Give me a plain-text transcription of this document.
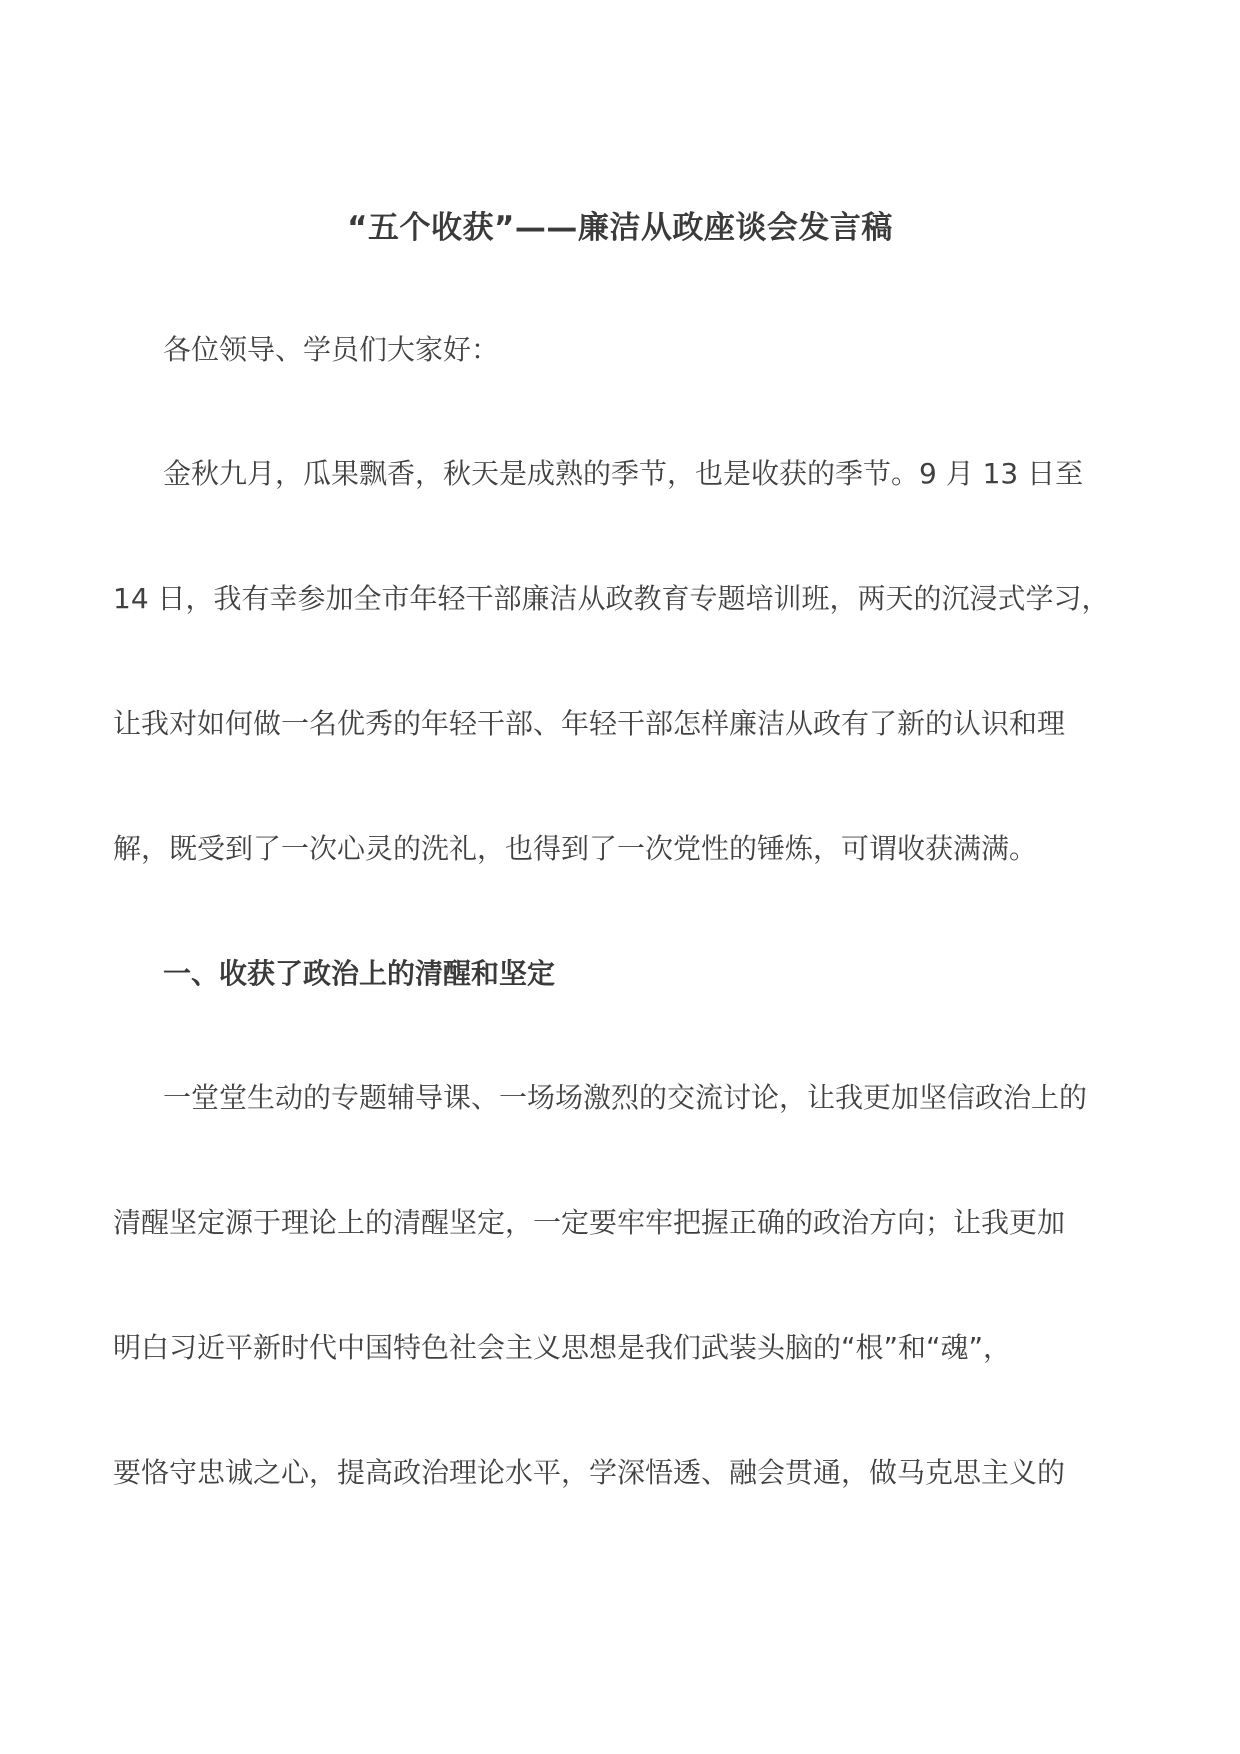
“五个收获”——廉洁从政座谈会发言稿
各位领导、学员们大家好：
金秋九月，瓜果飘香，秋天是成熟的季节，也是收获的季节。9 月 13 日至
14 日，我有幸参加全市年轻干部廉洁从政教育专题培训班，两天的沉浸式学习，
让我对如何做一名优秀的年轻干部、年轻干部怎样廉洁从政有了新的认识和理
解，既受到了一次心灵的洗礼，也得到了一次党性的锤炼，可谓收获满满。
一、收获了政治上的清醒和坚定
一堂堂生动的专题辅导课、一场场激烈的交流讨论，让我更加坚信政治上的
清醒坚定源于理论上的清醒坚定，一定要牢牢把握正确的政治方向；让我更加
明白习近平新时代中国特色社会主义思想是我们武装头脑的“根”和“魂”，
要恪守忠诚之心，提高政治理论水平，学深悟透、融会贯通，做马克思主义的
